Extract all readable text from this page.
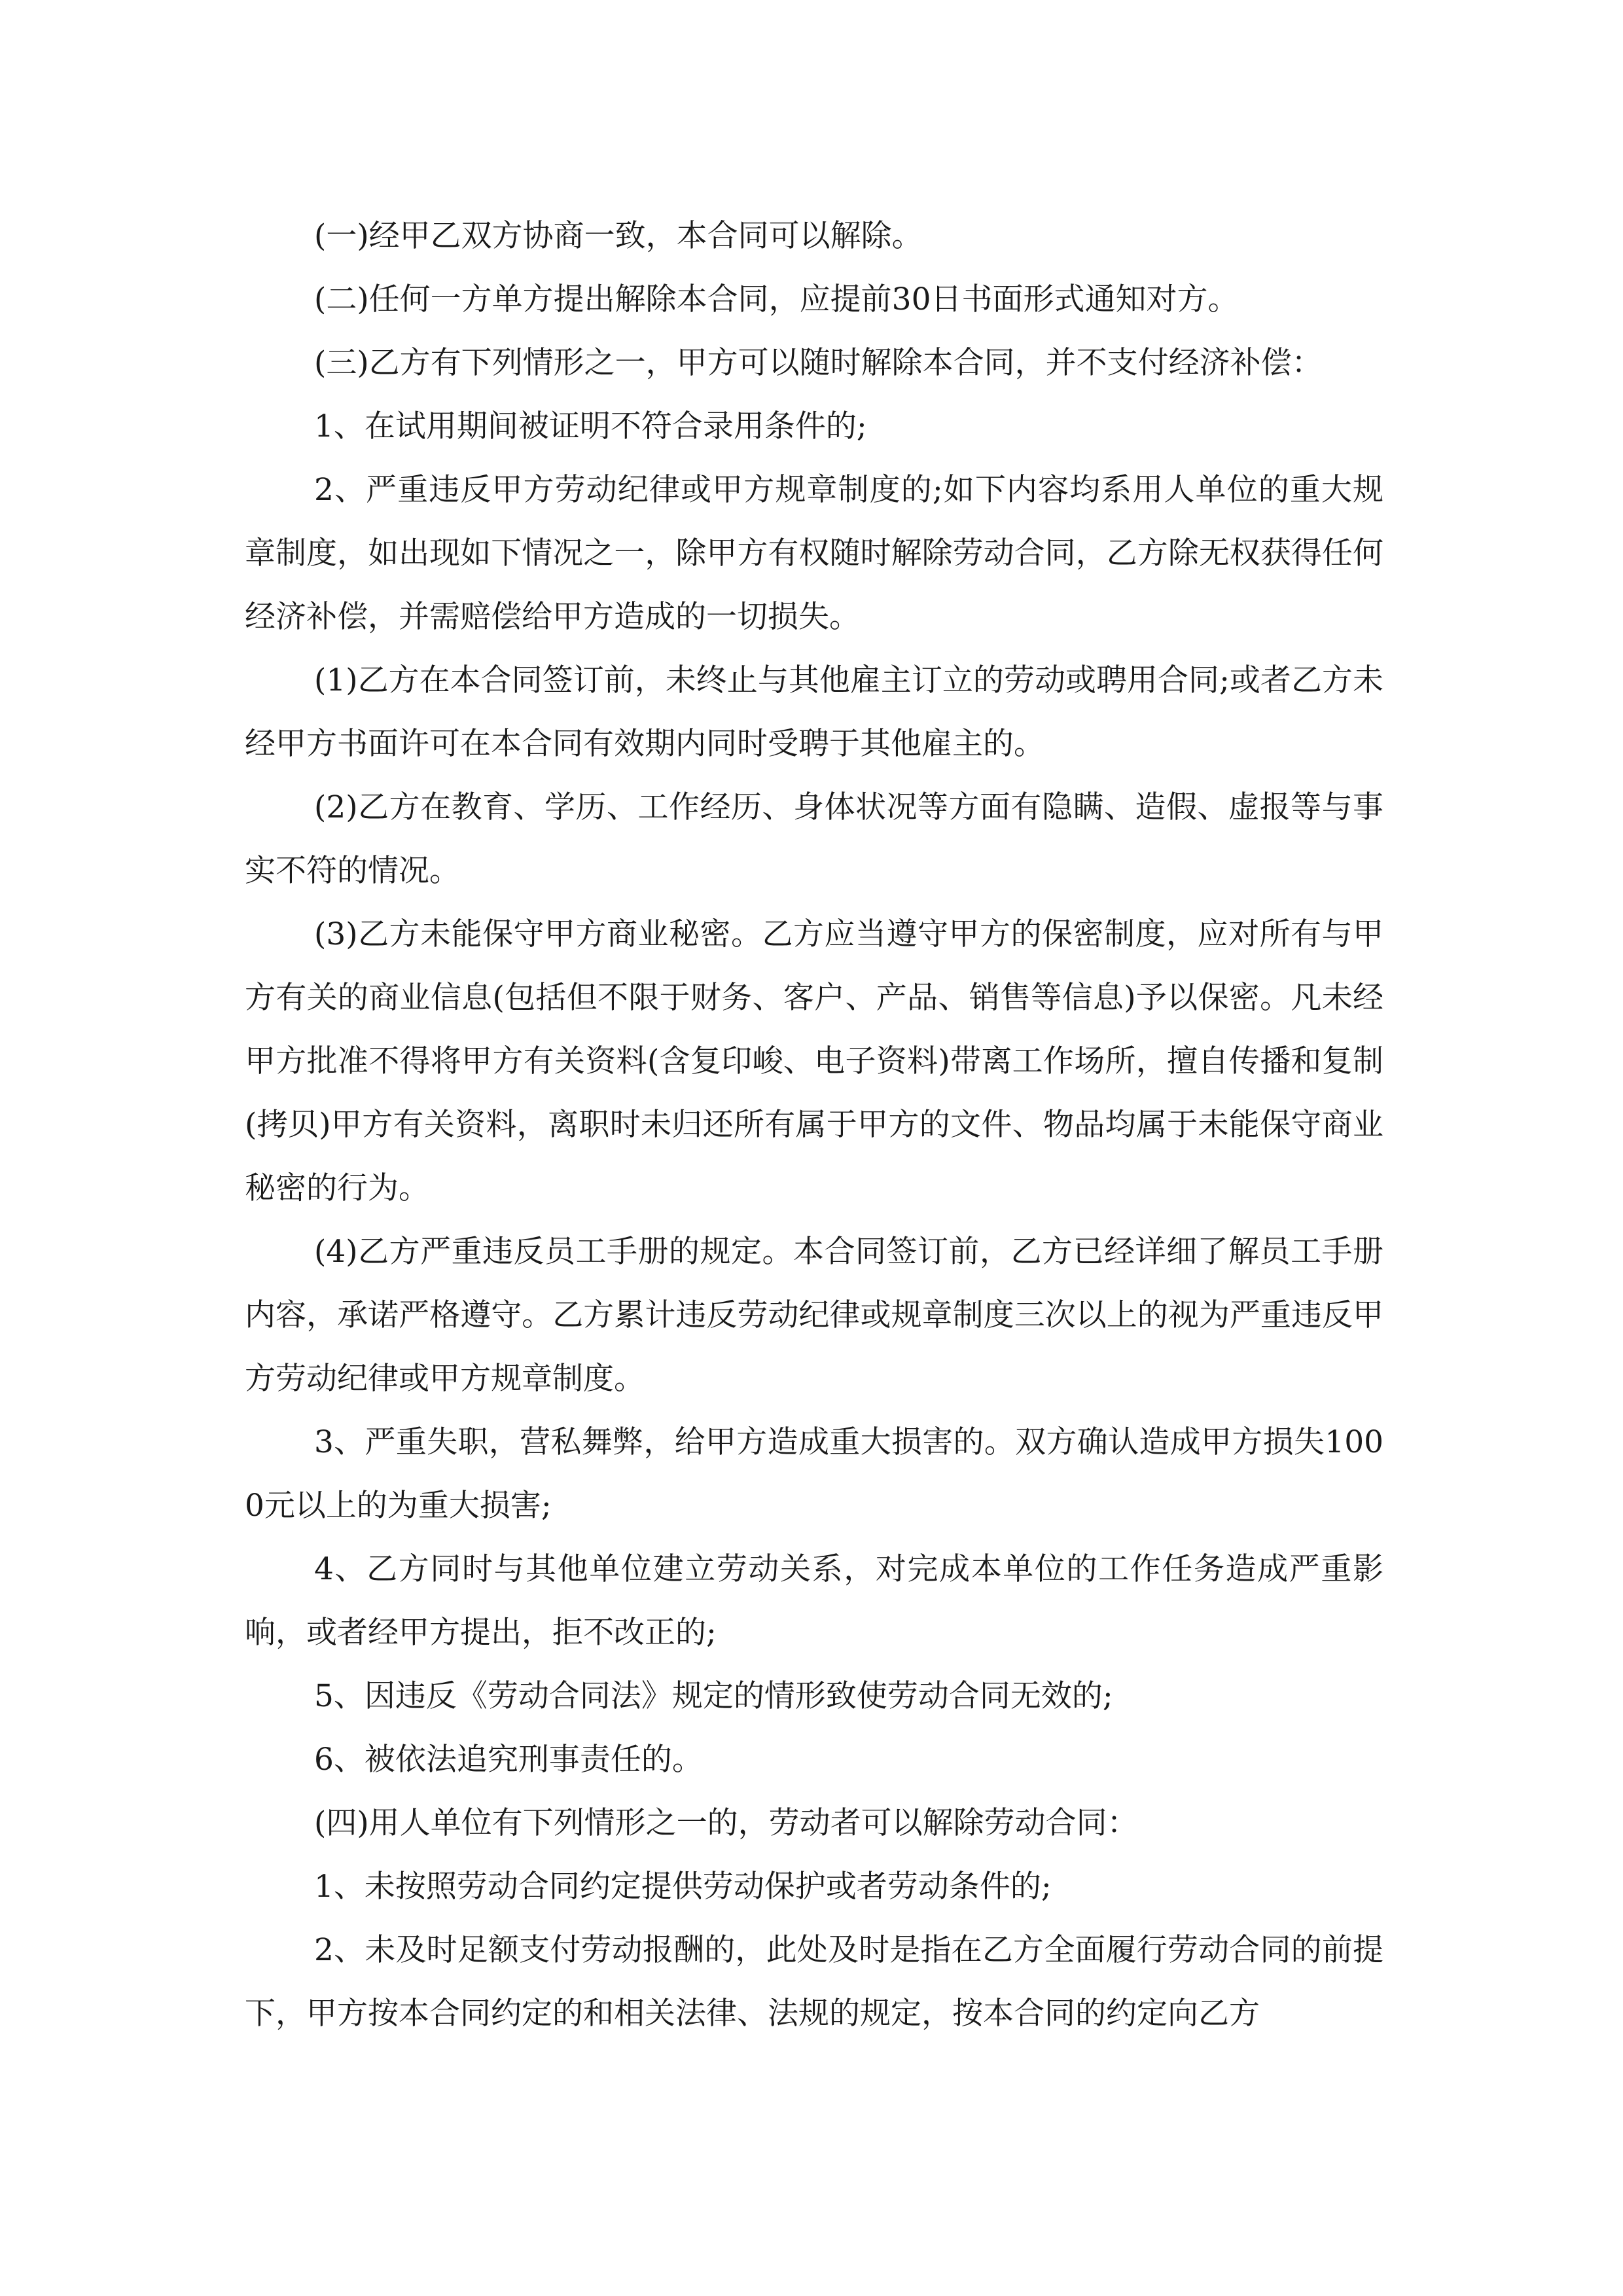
(一)经甲乙双方协商一致，本合同可以解除。

(二)任何一方单方提出解除本合同，应提前30日书面形式通知对方。

(三)乙方有下列情形之一，甲方可以随时解除本合同，并不支付经济补偿：

1、在试用期间被证明不符合录用条件的;

2、严重违反甲方劳动纪律或甲方规章制度的;如下内容均系用人单位的重大规章制度，如出现如下情况之一，除甲方有权随时解除劳动合同，乙方除无权获得任何经济补偿，并需赔偿给甲方造成的一切损失。

(1)乙方在本合同签订前，未终止与其他雇主订立的劳动或聘用合同;或者乙方未经甲方书面许可在本合同有效期内同时受聘于其他雇主的。

(2)乙方在教育、学历、工作经历、身体状况等方面有隐瞒、造假、虚报等与事实不符的情况。

(3)乙方未能保守甲方商业秘密。乙方应当遵守甲方的保密制度，应对所有与甲方有关的商业信息(包括但不限于财务、客户、产品、销售等信息)予以保密。凡未经甲方批准不得将甲方有关资料(含复印峻、电子资料)带离工作场所，擅自传播和复制(拷贝)甲方有关资料，离职时未归还所有属于甲方的文件、物品均属于未能保守商业秘密的行为。

(4)乙方严重违反员工手册的规定。本合同签订前，乙方已经详细了解员工手册内容，承诺严格遵守。乙方累计违反劳动纪律或规章制度三次以上的视为严重违反甲方劳动纪律或甲方规章制度。

3、严重失职，营私舞弊，给甲方造成重大损害的。双方确认造成甲方损失1000元以上的为重大损害;

4、乙方同时与其他单位建立劳动关系，对完成本单位的工作任务造成严重影响，或者经甲方提出，拒不改正的;

5、因违反《劳动合同法》规定的情形致使劳动合同无效的;

6、被依法追究刑事责任的。

(四)用人单位有下列情形之一的，劳动者可以解除劳动合同：

1、未按照劳动合同约定提供劳动保护或者劳动条件的;

2、未及时足额支付劳动报酬的，此处及时是指在乙方全面履行劳动合同的前提下，甲方按本合同约定的和相关法律、法规的规定，按本合同的约定向乙方
